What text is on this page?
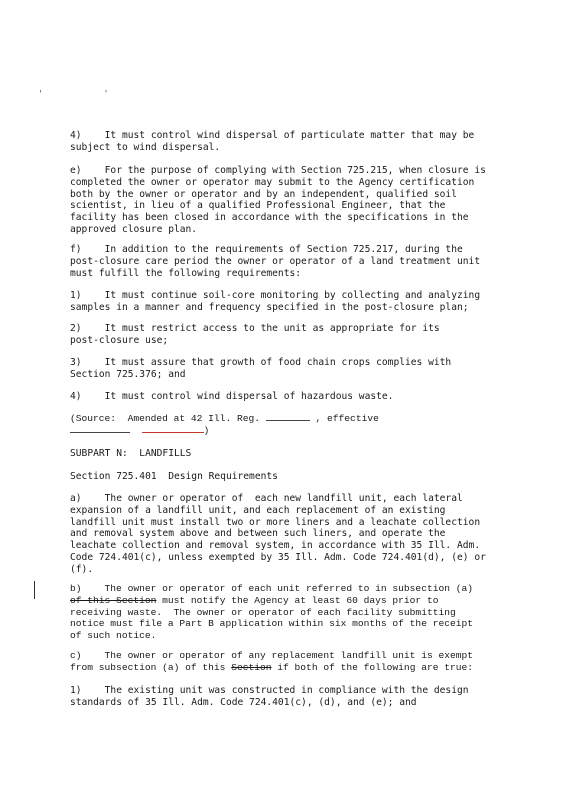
' '
4)    It must control wind dispersal of particulate matter that may be
subject to wind dispersal.
e)    For the purpose of complying with Section 725.215, when closure is
completed the owner or operator may submit to the Agency certification
both by the owner or operator and by an independent, qualified soil
scientist, in lieu of a qualified Professional Engineer, that the
facility has been closed in accordance with the specifications in the
approved closure plan.
f)    In addition to the requirements of Section 725.217, during the
post-closure care period the owner or operator of a land treatment unit
must fulfill the following requirements:
1)    It must continue soil-core monitoring by collecting and analyzing
samples in a manner and frequency specified in the post-closure plan;
2)    It must restrict access to the unit as appropriate for its
post-closure use;
3)    It must assure that growth of food chain crops complies with
Section 725.376; and
4)    It must control wind dispersal of hazardous waste.
(Source:  Amended at 42 Ill. Reg.	, effective
)
SUBPART N:  LANDFILLS
Section 725.401  Design Requirements
a)    The owner or operator of  each new landfill unit, each lateral
expansion of a landfill unit, and each replacement of an existing
landfill unit must install two or more liners and a leachate collection
and removal system above and between such liners, and operate the
leachate collection and removal system, in accordance with 35 Ill. Adm.
Code 724.401(c), unless exempted by 35 Ill. Adm. Code 724.401(d), (e) or
(f).
b)    The owner or operator of each unit referred to in subsection (a)
of this Section must notify the Agency at least 60 days prior to
receiving waste.  The owner or operator of each facility submitting
notice must file a Part B application within six months of the receipt
of such notice.
c)    The owner or operator of any replacement landfill unit is exempt
from subsection (a) of this Section if both of the following are true:
1)    The existing unit was constructed in compliance with the design
standards of 35 Ill. Adm. Code 724.401(c), (d), and (e); and
